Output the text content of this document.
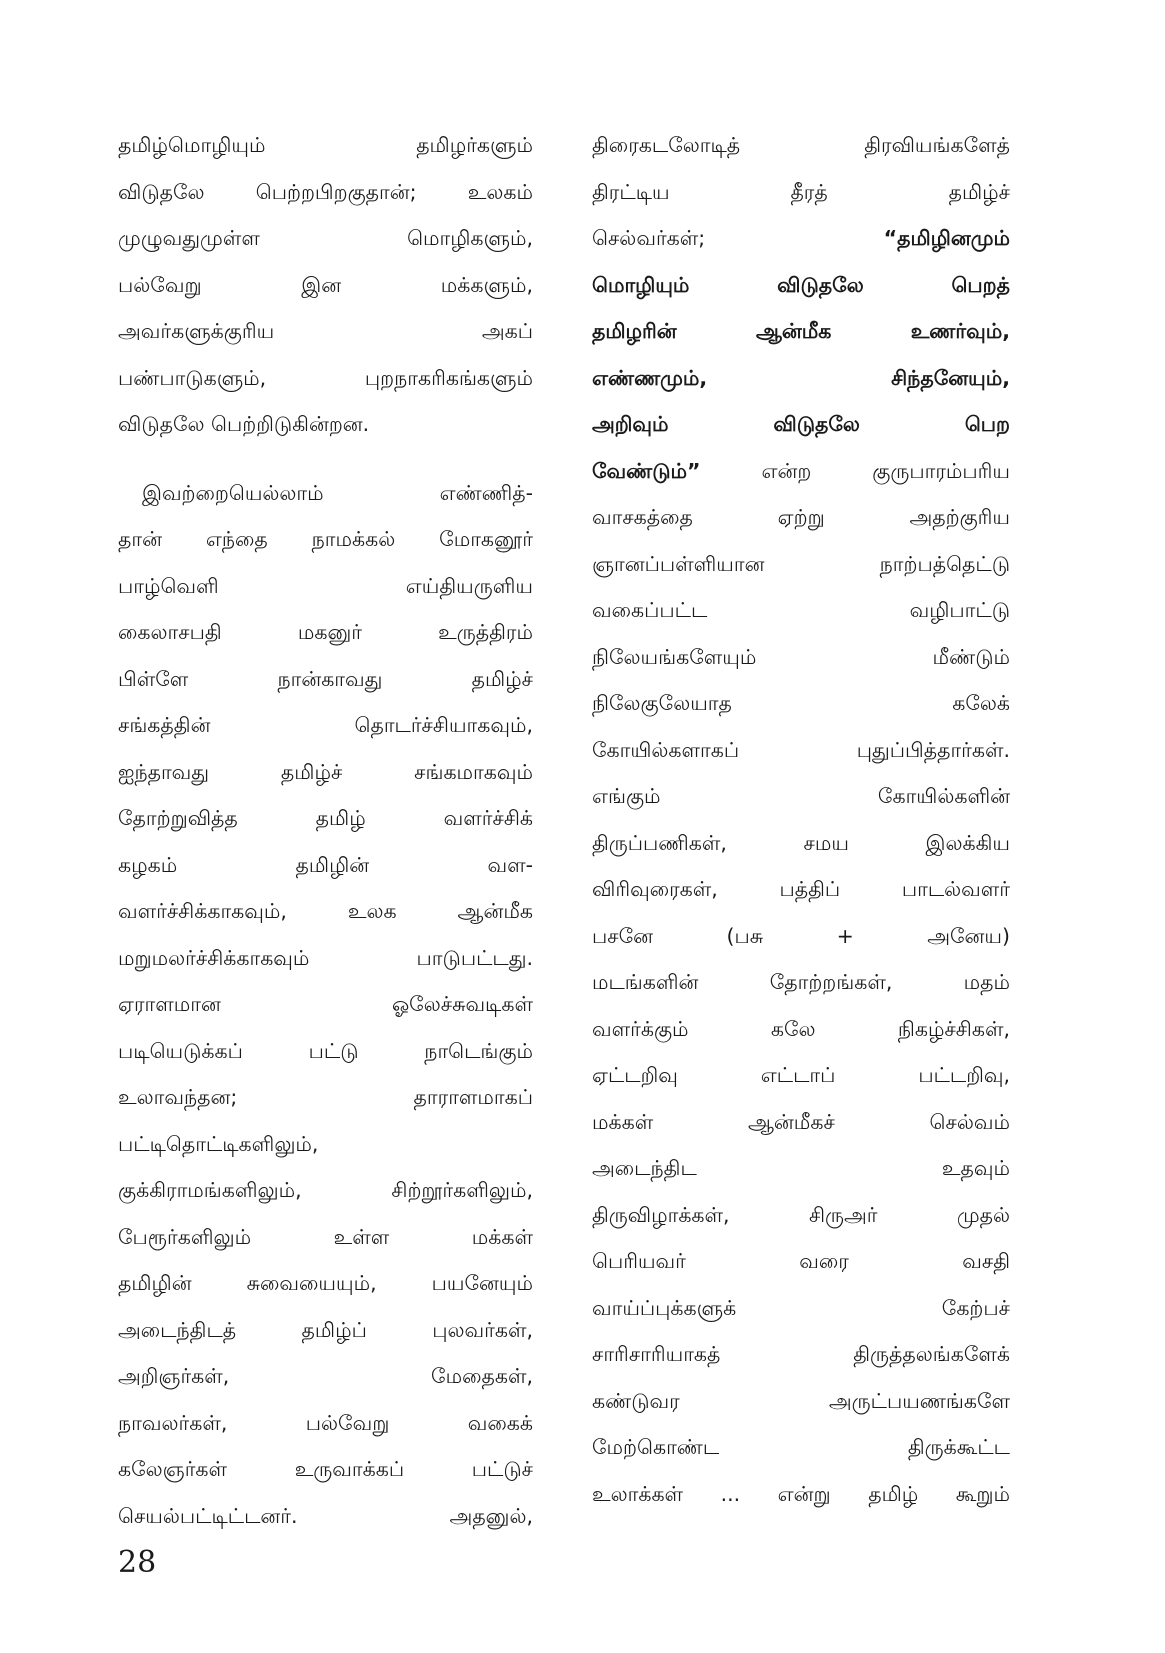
தமிழ்மொழியும் தமிழர்களும்
விடுதலே பெற்றபிறகுதான்; உலகம்
முழுவதுமுள்ள மொழிகளும்,
பல்வேறு இன மக்களும்,
அவர்களுக்குரிய அகப்
பண்பாடுகளும், புறநாகரிகங்களும்
விடுதலே பெற்றிடுகின்றன.
இவற்றையெல்லாம் எண்ணித்-
தான் எந்தை நாமக்கல் மோகனூர்
பாழ்வெளி எய்தியருளிய
கைலாசபதி மகனுர் உருத்திரம்
பிள்ளே நான்காவது தமிழ்ச்
சங்கத்தின் தொடர்ச்சியாகவும்,
ஐந்தாவது தமிழ்ச் சங்கமாகவும்
தோற்றுவித்த தமிழ் வளர்ச்சிக்
கழகம் தமிழின் வள-
வளர்ச்சிக்காகவும், உலக ஆன்மீக
மறுமலர்ச்சிக்காகவும் பாடுபட்டது.
ஏராளமான ஓலேச்சுவடிகள்
படியெடுக்கப் பட்டு நாடெங்கும்
உலாவந்தன; தாராளமாகப்
பட்டிதொட்டிகளிலும்,
குக்கிராமங்களிலும், சிற்றூர்களிலும்,
பேரூர்களிலும் உள்ள மக்கள்
தமிழின் சுவையையும், பயனேயும்
அடைந்திடத் தமிழ்ப் புலவர்கள்,
அறிஞர்கள், மேதைகள்,
நாவலர்கள், பல்வேறு வகைக்
கலேஞர்கள் உருவாக்கப் பட்டுச்
செயல்பட்டிட்டனர். அதனுல்,
திரைகடலோடித் திரவியங்களேத்
திரட்டிய தீரத் தமிழ்ச்
செல்வர்கள்;	“தமிழினமும்
மொழியும் விடுதலே பெறத்
தமிழரின் ஆன்மீக உணர்வும்,
எண்ணமும், சிந்தனேயும்,
அறிவும் விடுதலே பெற
வேண்டும்”	என்ற குருபாரம்பரிய
வாசகத்தை ஏற்று அதற்குரிய
ஞானப்பள்ளியான நாற்பத்தெட்டு
வகைப்பட்ட வழிபாட்டு
நிலேயங்களேயும் மீண்டும்
நிலேகுலேயாத கலேக்
கோயில்களாகப் புதுப்பித்தார்கள்.
எங்கும் கோயில்களின்
திருப்பணிகள், சமய இலக்கிய
விரிவுரைகள், பத்திப் பாடல்வளர்
பசனே (பசு + அனேய)
மடங்களின் தோற்றங்கள், மதம்
வளர்க்கும் கலே நிகழ்ச்சிகள்,
ஏட்டறிவு எட்டாப் பட்டறிவு,
மக்கள் ஆன்மீகச் செல்வம்
அடைந்திட உதவும்
திருவிழாக்கள், சிருஅர் முதல்
பெரியவர் வரை வசதி
வாய்ப்புக்களுக் கேற்பச்
சாரிசாரியாகத் திருத்தலங்களேக்
கண்டுவர அருட்பயணங்களே
மேற்கொண்ட திருக்கூட்ட
உலாக்கள் ... என்று தமிழ் கூறும்
28
